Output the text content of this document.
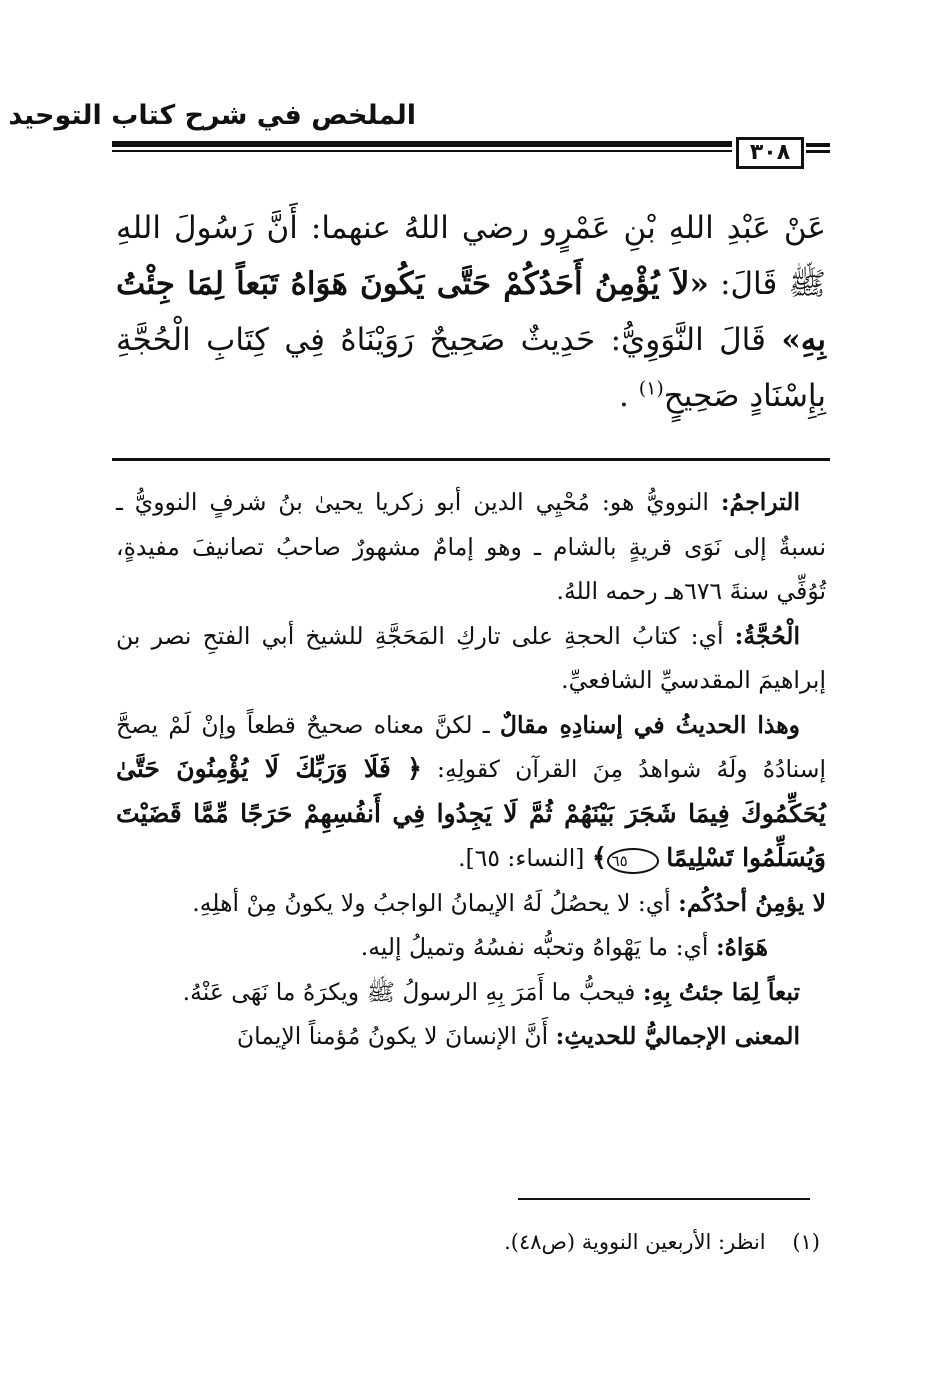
الملخص في شرح كتاب التوحيد
٣٠٨
عَنْ عَبْدِ اللهِ بْنِ عَمْرٍو رضي اللهُ عنهما: أَنَّ رَسُولَ اللهِ ﷺ قَالَ: «لاَ يُؤْمِنُ أَحَدُكُمْ حَتَّى يَكُونَ هَوَاهُ تَبَعاً لِمَا جِئْتُ بِهِ» قَالَ النَّوَوِيُّ: حَدِيثٌ صَحِيحٌ رَوَيْنَاهُ فِي كِتَابِ الْحُجَّةِ بِإِسْنَادٍ صَحِيحٍ$^{(١)}$ .

التراجمُ: النوويُّ هو: مُحْيِي الدين أبو زكريا يحيىٰ بنُ شرفٍ النوويُّ ـ نسبةٌ إلى نَوَى قريةٍ بالشام ـ وهو إمامٌ مشهورٌ صاحبُ تصانيفَ مفيدةٍ، تُوُفِّي سنةَ ٦٧٦هـ رحمه اللهُ.

الْحُجَّةُ: أي: كتابُ الحجةِ على تاركِ المَحَجَّةِ للشيخ أبي الفتحِ نصر بن إبراهيمَ المقدسيِّ الشافعيِّ.

وهذا الحديثُ في إسنادِهِ مقالٌ ـ لكنَّ معناه صحيحٌ قطعاً وإنْ لَمْ يصحَّ إسنادُهُ ولَهُ شواهدُ مِنَ القرآن كقولِهِ: ﴿ فَلَا وَرَبِّكَ لَا يُؤْمِنُونَ حَتَّىٰ يُحَكِّمُوكَ فِيمَا شَجَرَ بَيْنَهُمْ ثُمَّ لَا يَجِدُوا فِي أَنفُسِهِمْ حَرَجًا مِّمَّا قَضَيْتَ وَيُسَلِّمُوا تَسْلِيمًا ٦٥﴾ [النساء: ٦٥].

لا يؤمِنُ أحدُكُم: أي: لا يحصُلُ لَهُ الإيمانُ الواجبُ ولا يكونُ مِنْ أهلِهِ.

هَوَاهُ: أي: ما يَهْواهُ وتحبُّه نفسُهُ وتميلُ إليه.

تبعاً لِمَا جئتُ بِهِ: فيحبُّ ما أَمَرَ بِهِ الرسولُ ﷺ ويكرَهُ ما نَهَى عَنْهُ.

المعنى الإجماليُّ للحديثِ: أَنَّ الإنسانَ لا يكونُ مُؤمناً الإيمانَ

(١) انظر: الأربعين النووية (ص٤٨).
